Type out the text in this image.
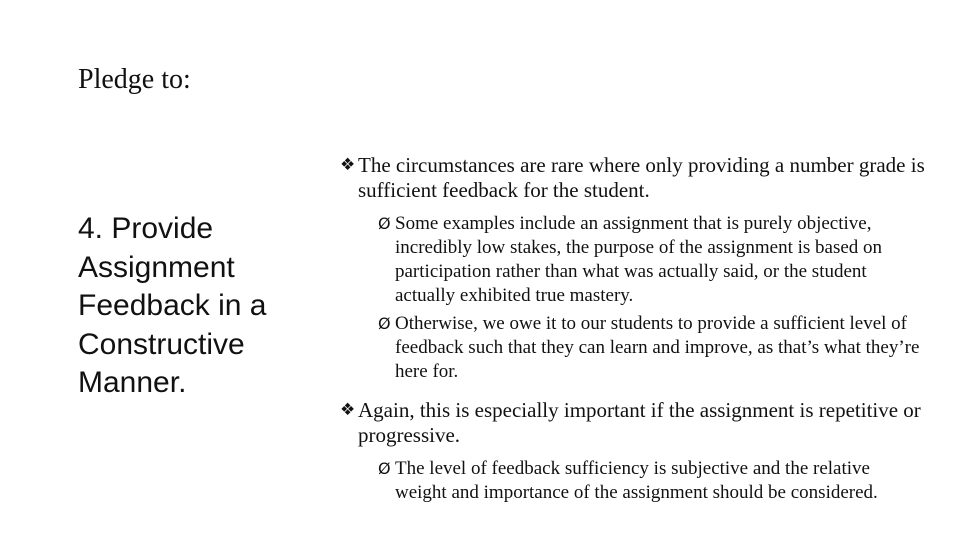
Pledge to:
4. Provide Assignment Feedback in a Constructive Manner.
❖ The circumstances are rare where only providing a number grade is sufficient feedback for the student.
Ø Some examples include an assignment that is purely objective, incredibly low stakes, the purpose of the assignment is based on participation rather than what was actually said, or the student actually exhibited true mastery.
Ø Otherwise, we owe it to our students to provide a sufficient level of feedback such that they can learn and improve, as that’s what they’re here for.
❖ Again, this is especially important if the assignment is repetitive or progressive.
Ø The level of feedback sufficiency is subjective and the relative weight and importance of the assignment should be considered.
